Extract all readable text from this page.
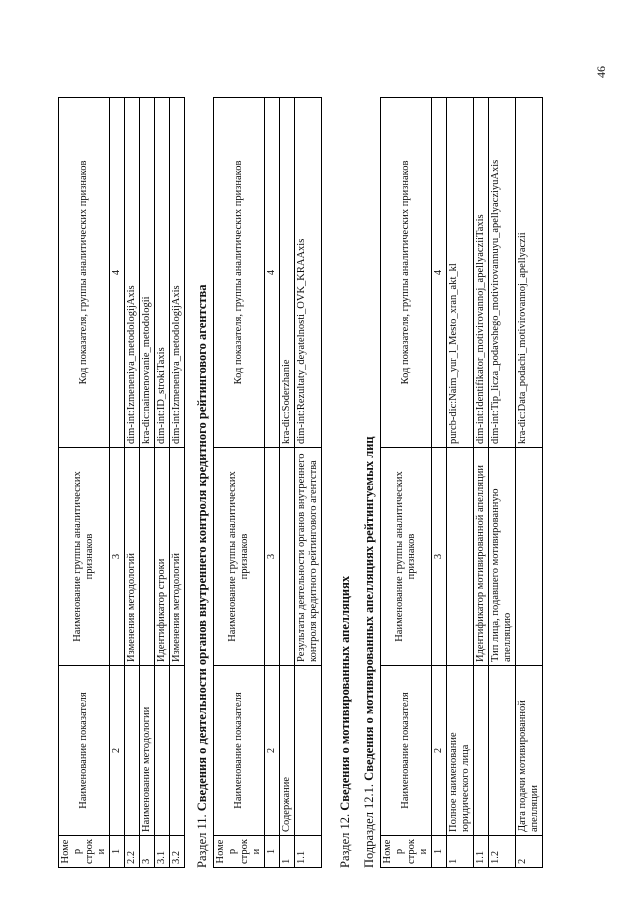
46
Номер строки	Наименование показателя	Наименование группы аналитических признаков	Код показателя, группы аналитических признаков
1	2	3	4
2.2		Изменения методологий	dim-int:Izmeneniya_metodologijAxis
3	Наименование методологии		kra-dic:naimenovanie_metodologii
3.1		Идентификатор строки	dim-int:ID_strokiTaxis
3.2		Изменения методологий	dim-int:Izmeneniya_metodologijAxis
Раздел 11. Сведения о деятельности органов внутреннего контроля кредитного рейтингового агентства
Номер строки	Наименование показателя	Наименование группы аналитических признаков	Код показателя, группы аналитических признаков
1	2	3	4
1	Содержание		kra-dic:Soderzhanie
1.1		Результаты деятельности органов внутреннего контроля кредитного рейтингового агентства	dim-int:Rezultaty_deyatelnosti_OVK_KRAAxis
Раздел 12. Сведения о мотивированных апелляциях
Подраздел 12.1. Сведения о мотивированных апелляциях рейтингуемых лиц
Номер строки	Наименование показателя	Наименование группы аналитических признаков	Код показателя, группы аналитических признаков
1	2	3	4
1	Полное наименование юридического лица		purcb-dic:Naim_yur_l_Mesto_xran_akt_kl
1.1		Идентификатор мотивированной апелляции	dim-int:Identifikator_motivirovannoj_apellyacziiTaxis
1.2		Тип лица, подавшего мотивированную апелляцию	dim-int:Tip_licza_podavshego_motivirovannuyu_apellyacziyuAxis
2	Дата подачи мотивированной апелляции		kra-dic:Data_podachi_motivirovannoj_apellyaczii
